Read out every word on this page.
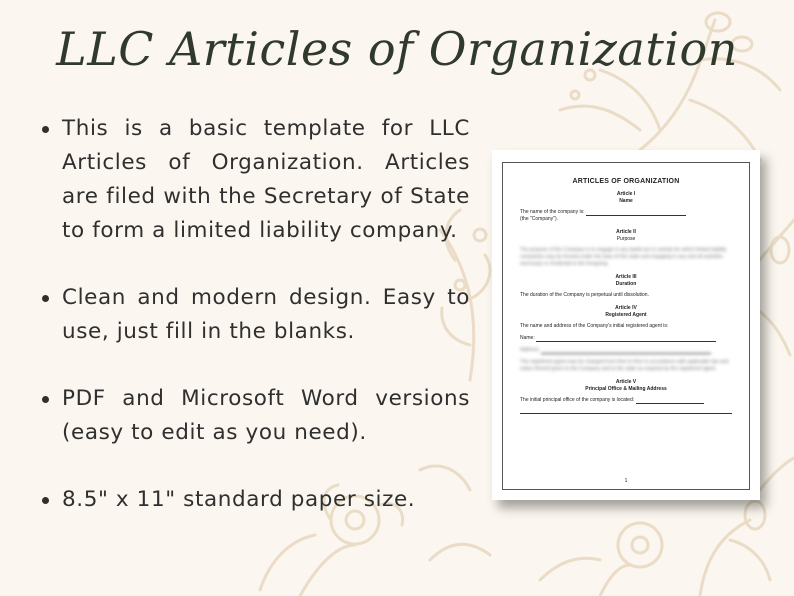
LLC Articles of Organization
This is a basic template for LLC Articles of Organization. Articles are filed with the Secretary of State to form a limited liability company.
Clean and modern design. Easy to use, just fill in the blanks.
PDF and Microsoft Word versions (easy to edit as you need).
8.5" x 11" standard paper size.
ARTICLES OF ORGANIZATION
Article I
Name
The name of the company is:
(the "Company").
Article II
Purpose
The purpose of the Company is to engage in any lawful act or activity for which limited liability companies may be formed under the laws of this state and engaging in any and all activities necessary or incidental to the foregoing.
Article III
Duration
The duration of the Company is perpetual until dissolution.
Article IV
Registered Agent
The name and address of the Company's initial registered agent is:
Name:
Address:
The registered agent may be changed from time to time in accordance with applicable law and notice thereof given to the Company and to the state as required by the registered agent.
Article V
Principal Office & Mailing Address
The initial principal office of the company is located:
1
